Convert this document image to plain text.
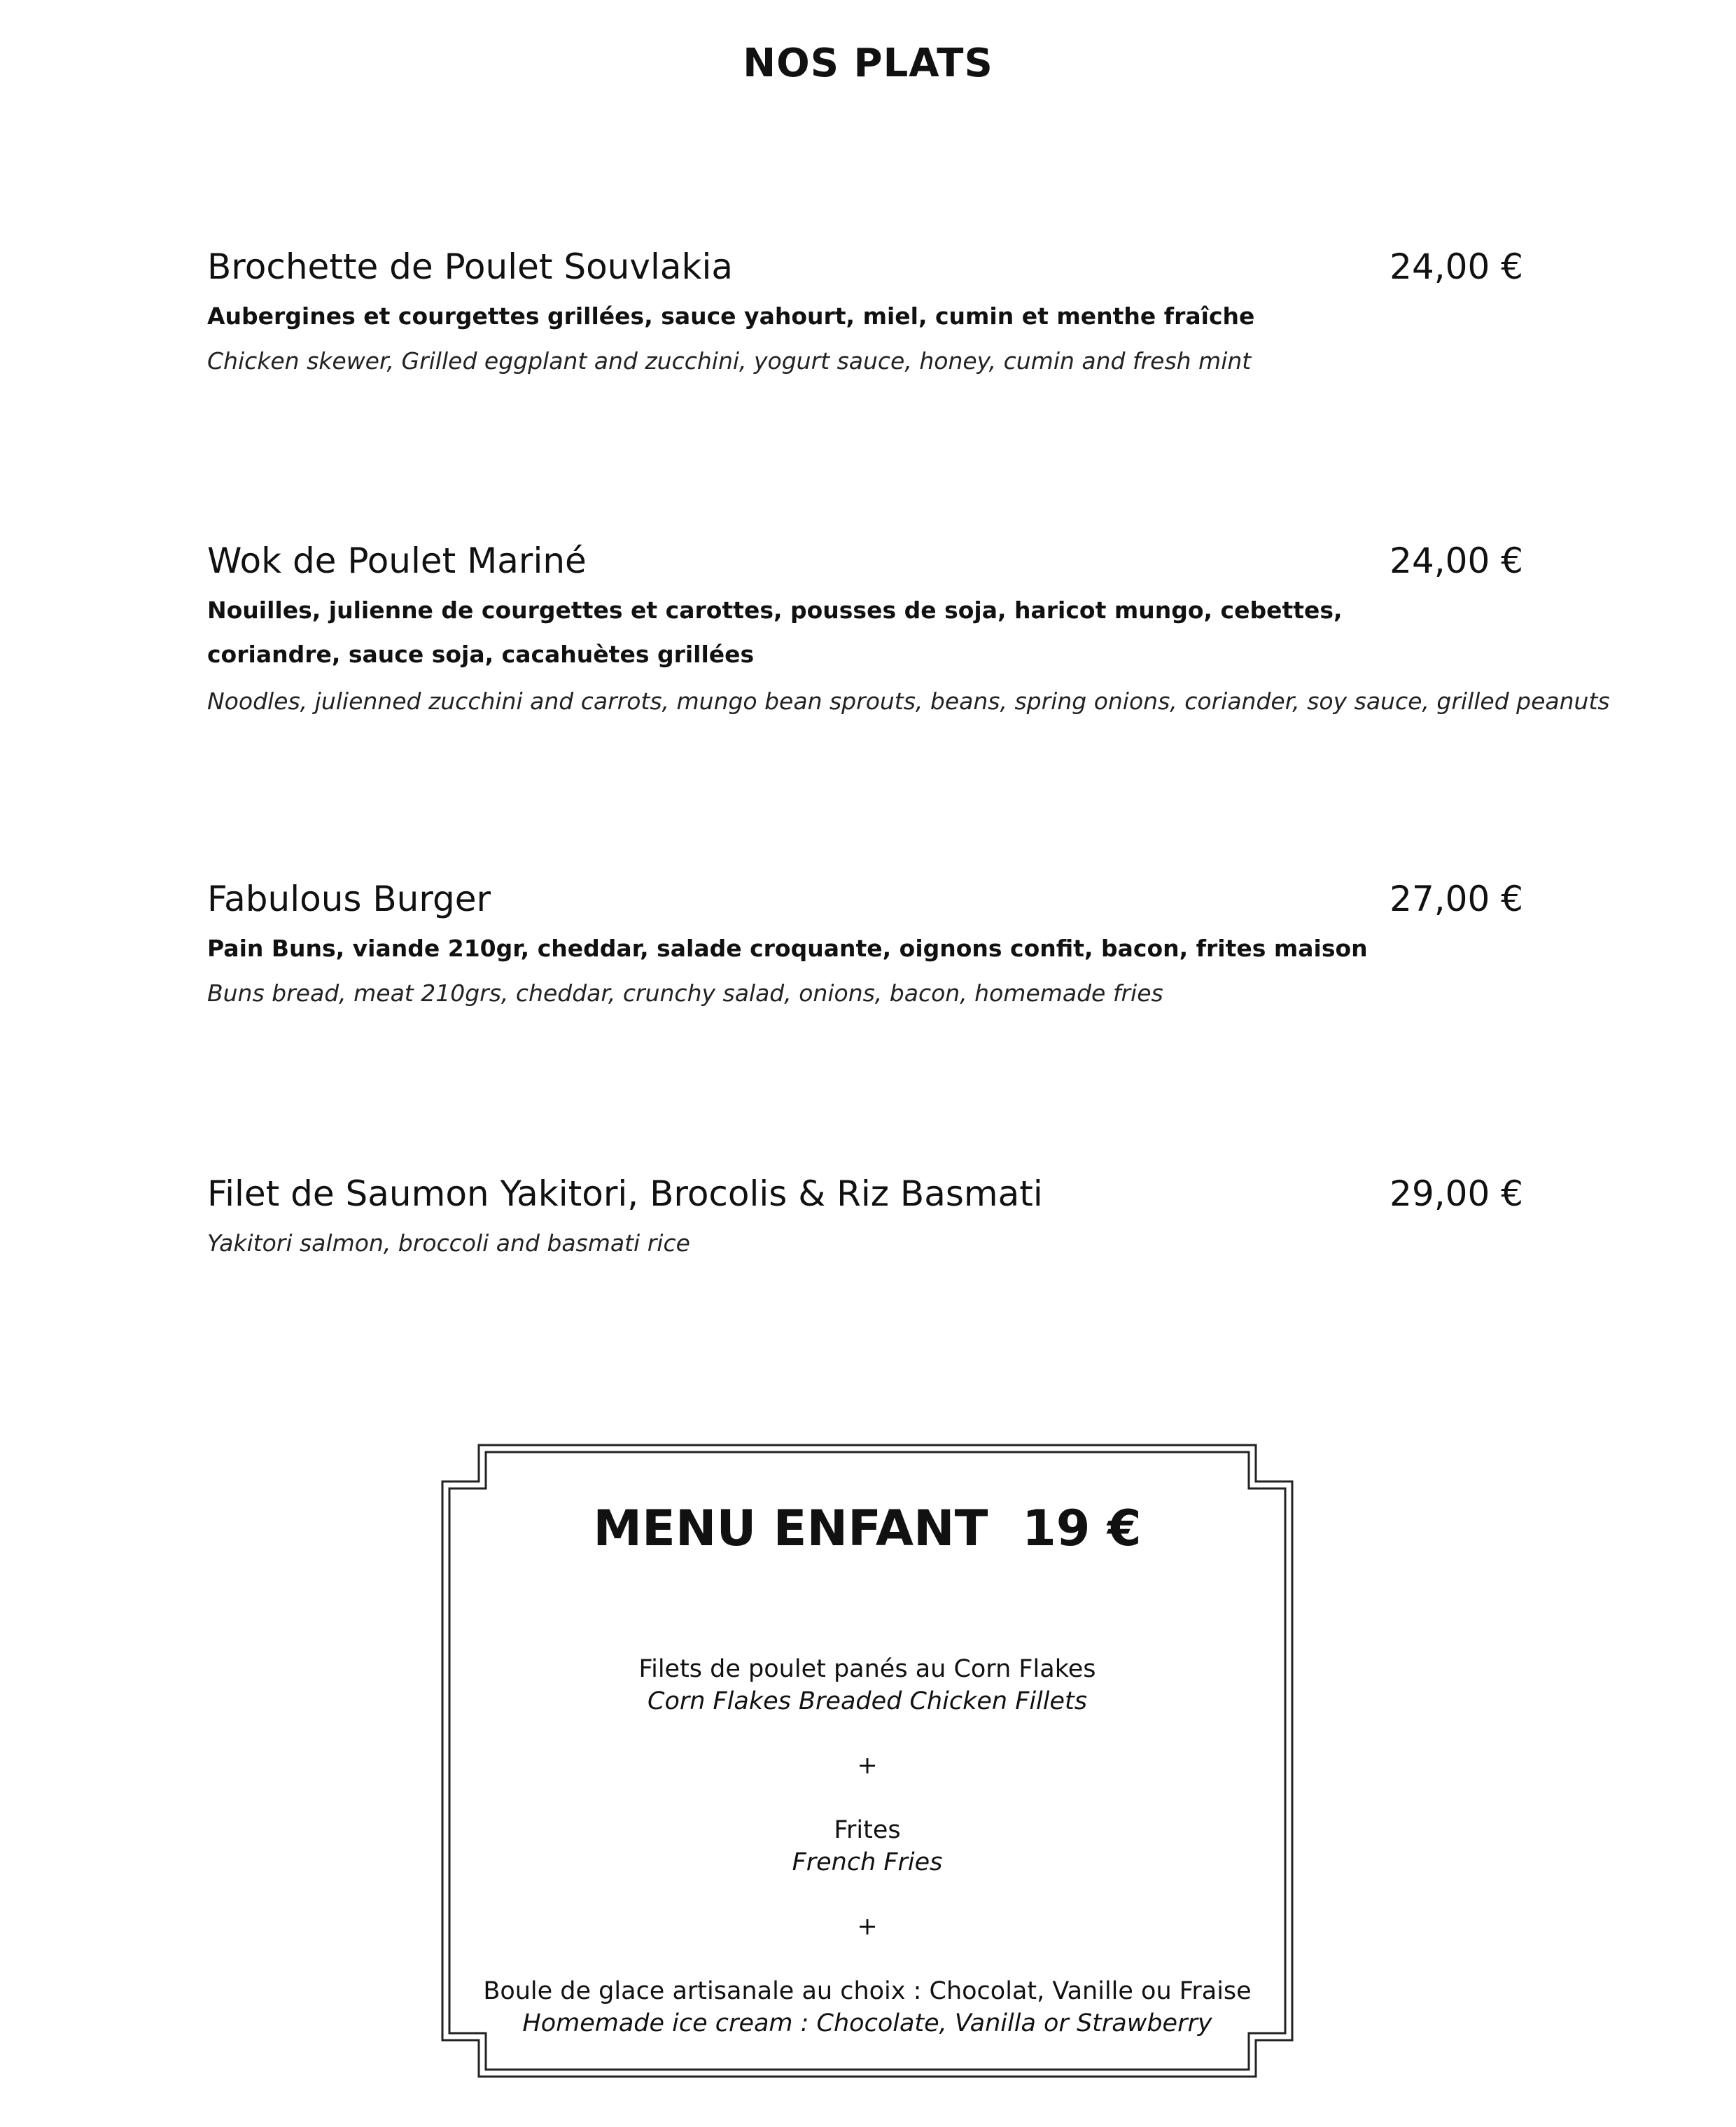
NOS PLATS
Brochette de Poulet Souvlakia	24,00 €
Aubergines et courgettes grillées, sauce yahourt, miel, cumin et menthe fraîche
Chicken skewer, Grilled eggplant and zucchini, yogurt sauce, honey, cumin and fresh mint
Wok de Poulet Mariné	24,00 €
Nouilles, julienne de courgettes et carottes, pousses de soja, haricot mungo, cebettes, coriandre, sauce soja, cacahuètes grillées
Noodles, julienned zucchini and carrots, mungo bean sprouts, beans, spring onions, coriander, soy sauce, grilled peanuts
Fabulous Burger	27,00 €
Pain Buns, viande 210gr, cheddar, salade croquante, oignons confit, bacon, frites maison
Buns bread, meat 210grs, cheddar, crunchy salad, onions, bacon, homemade fries
Filet de Saumon Yakitori, Brocolis & Riz Basmati	29,00 €
Yakitori salmon, broccoli and basmati rice
MENU ENFANT  19 €
Filets de poulet panés au Corn Flakes
Corn Flakes Breaded Chicken Fillets
+
Frites
French Fries
+
Boule de glace artisanale au choix : Chocolat, Vanille ou Fraise
Homemade ice cream : Chocolate, Vanilla or Strawberry
